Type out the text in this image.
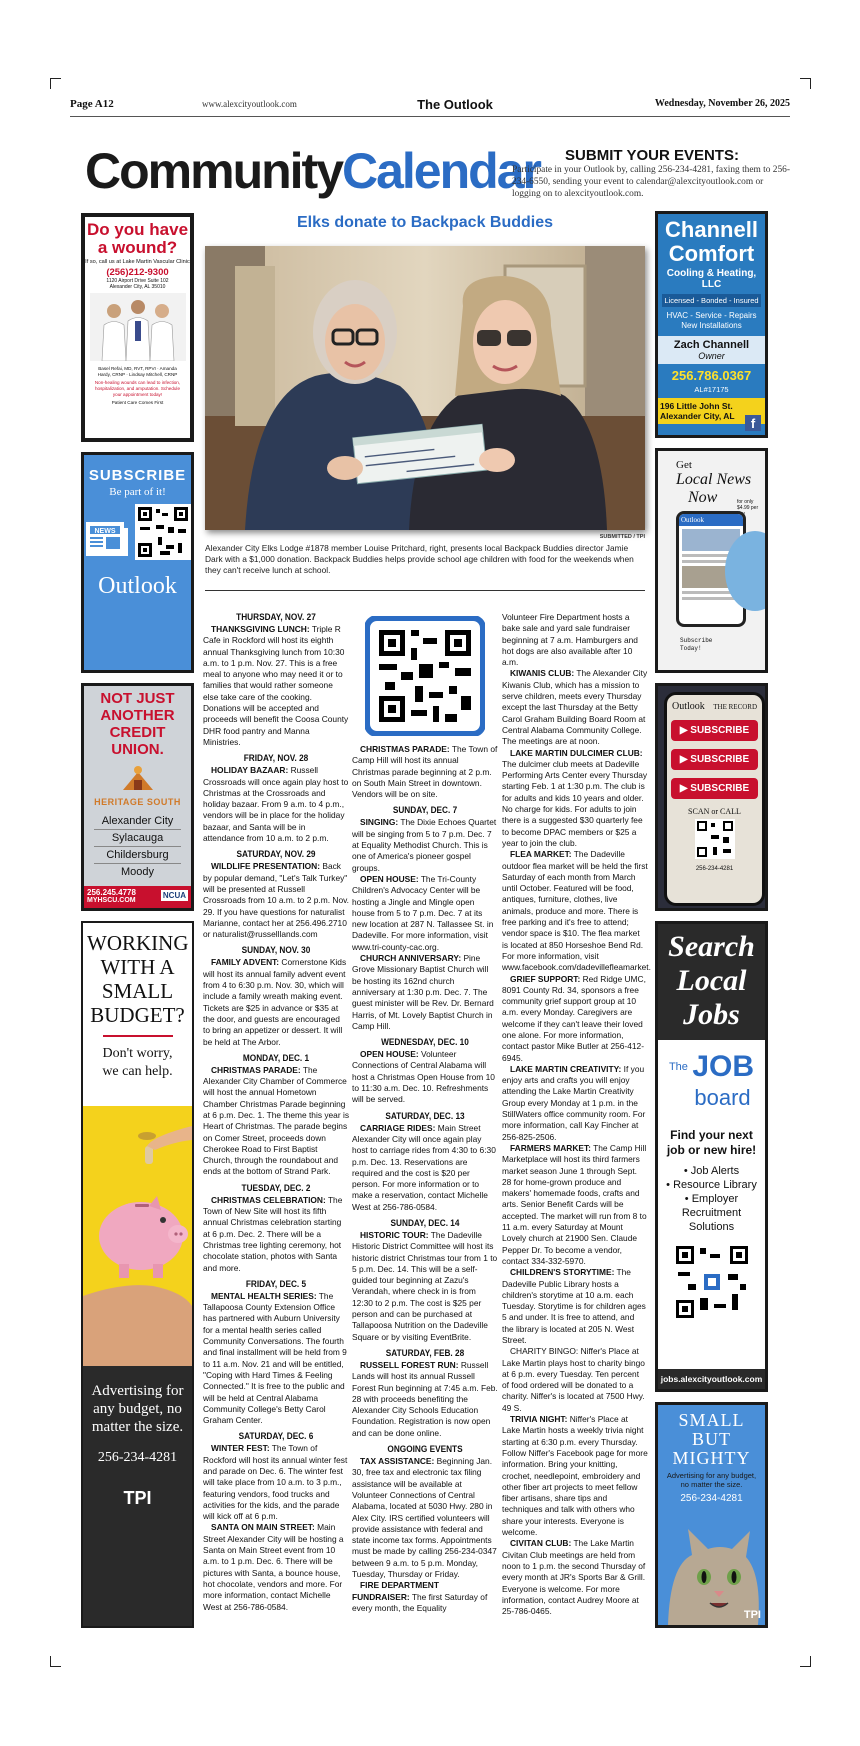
Page A12	www.alexcityoutlook.com	The Outlook	Wednesday, November 26, 2025
CommunityCalendar	SUBMIT YOUR EVENTS:
Participate in your Outlook by, calling 256-234-4281, faxing them to 256-234-6550, sending your event to calendar@alexcityoutlook.com or logging on to alexcityoutlook.com.
Do you have a wound?
If so, call us at Lake Martin Vascular Clinic
(256)212-9300
1120 Airport Drive Suite 102 Alexander City, AL 35010
Basel Refai, MD, RVT, RPVI · Amanda Hardy, CRNP · Lindsay Mitchell, CRNP
Non-healing wounds can lead to infection, hospitalization, and amputation. Schedule your appointment today!
Patient Care Comes First
SUBSCRIBE
Be part of it!
NEWS

Outlook
NOT JUST ANOTHER CREDIT UNION.
HERITAGE SOUTH
Alexander City
Sylacauga
Childersburg
Moody
256.245.4778
MYHSCU.COM
NCUA
WORKING WITH A SMALL BUDGET?
Don't worry, we can help.
Advertising for any budget, no matter the size.
256-234-4281
TPI
Channell
Comfort
Cooling & Heating, LLC
Licensed - Bonded - Insured
HVAC - Service - Repairs New Installations
Zach Channell
Owner
256.786.0367
AL#17175
196 Little John St. Alexander City, AL	f
Get
Local News
Now	for only $4.99 per
Outlook
Subscribe
Today!
Outlook THE RECORD
▶ SUBSCRIBE
▶ SUBSCRIBE
▶ SUBSCRIBE
SCAN or CALL
256-234-4281
Search
Local
Jobs
$^{The}$ JOB
board
Find your next job or new hire!
• Job Alerts
• Resource Library
• Employer Recruitment Solutions
jobs.alexcityoutlook.com
SMALL
BUT
MIGHTY
Advertising for any budget, no matter the size.
256-234-4281
TPI
Elks donate to Backpack Buddies
SUBMITTED / TPI
Alexander City Elks Lodge #1878 member Louise Pritchard, right, presents local Backpack Buddies director Jamie Dark with a $1,000 donation. Backpack Buddies helps provide school age children with food for the weekends when they can't receive lunch at school.
THURSDAY, NOV. 27

THANKSGIVING LUNCH: Triple R Cafe in Rockford will host its eighth annual Thanksgiving lunch from 10:30 a.m. to 1 p.m. Nov. 27. This is a free meal to anyone who may need it or to families that would rather someone else take care of the cooking. Donations will be accepted and proceeds will benefit the Coosa County DHR food pantry and Manna Ministries.

FRIDAY, NOV. 28

HOLIDAY BAZAAR: Russell Crossroads will once again play host to Christmas at the Crossroads and holiday bazaar. From 9 a.m. to 4 p.m., vendors will be in place for the holiday bazaar, and Santa will be in attendance from 10 a.m. to 2 p.m.

SATURDAY, NOV. 29

WILDLIFE PRESENTATION: Back by popular demand, "Let's Talk Turkey" will be presented at Russell Crossroads from 10 a.m. to 2 p.m. Nov. 29. If you have questions for naturalist Marianne, contact her at 256.496.2710 or naturalist@russelllands.com

SUNDAY, NOV. 30

FAMILY ADVENT: Cornerstone Kids will host its annual family advent event from 4 to 6:30 p.m. Nov. 30, which will include a family wreath making event. Tickets are $25 in advance or $35 at the door, and guests are encouraged to bring an appetizer or dessert. It will be held at The Arbor.

MONDAY, DEC. 1

CHRISTMAS PARADE: The Alexander City Chamber of Commerce will host the annual Hometown Chamber Christmas Parade beginning at 6 p.m. Dec. 1. The theme this year is Heart of Christmas. The parade begins on Comer Street, proceeds down Cherokee Road to First Baptist Church, through the roundabout and ends at the bottom of Strand Park.

TUESDAY, DEC. 2

CHRISTMAS CELEBRATION: The Town of New Site will host its fifth annual Christmas celebration starting at 6 p.m. Dec. 2. There will be a Christmas tree lighting ceremony, hot chocolate station, photos with Santa and more.

FRIDAY, DEC. 5

MENTAL HEALTH SERIES: The Tallapoosa County Extension Office has partnered with Auburn University for a mental health series called Community Conversations. The fourth and final installment will be held from 9 to 11 a.m. Nov. 21 and will be entitled, "Coping with Hard Times & Feeling Connected." It is free to the public and will be held at Central Alabama Community College's Betty Carol Graham Center.

SATURDAY, DEC. 6

WINTER FEST: The Town of Rockford will host its annual winter fest and parade on Dec. 6. The winter fest will take place from 10 a.m. to 3 p.m., featuring vendors, food trucks and activities for the kids, and the parade will kick off at 6 p.m.

SANTA ON MAIN STREET: Main Street Alexander City will be hosting a Santa on Main Street event from 10 a.m. to 1 p.m. Dec. 6. There will be pictures with Santa, a bounce house, hot chocolate, vendors and more. For more information, contact Michelle West at 256-786-0584.

CHRISTMAS PARADE: The Town of Camp Hill will host its annual Christmas parade beginning at 2 p.m. on South Main Street in downtown. Vendors will be on site.

SUNDAY, DEC. 7

SINGING: The Dixie Echoes Quartet will be singing from 5 to 7 p.m. Dec. 7 at Equality Methodist Church. This is one of America's pioneer gospel groups.

OPEN HOUSE: The Tri-County Children's Advocacy Center will be hosting a Jingle and Mingle open house from 5 to 7 p.m. Dec. 7 at its new location at 287 N. Tallassee St. in Dadeville. For more information, visit www.tri-county-cac.org.

CHURCH ANNIVERSARY: Pine Grove Missionary Baptist Church will be hosting its 162nd church anniversary at 1:30 p.m. Dec. 7. The guest minister will be Rev. Dr. Bernard Harris, of Mt. Lovely Baptist Church in Camp Hill.

WEDNESDAY, DEC. 10

OPEN HOUSE: Volunteer Connections of Central Alabama will host a Christmas Open House from 10 to 11:30 a.m. Dec. 10. Refreshments will be served.

SATURDAY, DEC. 13

CARRIAGE RIDES: Main Street Alexander City will once again play host to carriage rides from 4:30 to 6:30 p.m. Dec. 13. Reservations are required and the cost is $20 per person. For more information or to make a reservation, contact Michelle West at 256-786-0584.

SUNDAY, DEC. 14

HISTORIC TOUR: The Dadeville Historic District Committee will host its historic district Christmas tour from 1 to 5 p.m. Dec. 14. This will be a self-guided tour beginning at Zazu's Verandah, where check in is from 12:30 to 2 p.m. The cost is $25 per person and can be purchased at Tallapoosa Nutrition on the Dadeville Square or by visiting EventBrite.

SATURDAY, FEB. 28

RUSSELL FOREST RUN: Russell Lands will host its annual Russell Forest Run beginning at 7:45 a.m. Feb. 28 with proceeds benefiting the Alexander City Schools Education Foundation. Registration is now open and can be done online.

ONGOING EVENTS

TAX ASSISTANCE: Beginning Jan. 30, free tax and electronic tax filing assistance will be available at Volunteer Connections of Central Alabama, located at 5030 Hwy. 280 in Alex City. IRS certified volunteers will provide assistance with federal and state income tax forms. Appointments must be made by calling 256-234-0347 between 9 a.m. to 5 p.m. Monday, Tuesday, Thursday or Friday.

FIRE DEPARTMENT FUNDRAISER: The first Saturday of every month, the Equality

Volunteer Fire Department hosts a bake sale and yard sale fundraiser beginning at 7 a.m. Hamburgers and hot dogs are also available after 10 a.m.

KIWANIS CLUB: The Alexander City Kiwanis Club, which has a mission to serve children, meets every Thursday except the last Thursday at the Betty Carol Graham Building Board Room at Central Alabama Community College. The meetings are at noon.

LAKE MARTIN DULCIMER CLUB: The dulcimer club meets at Dadeville Performing Arts Center every Thursday starting Feb. 1 at 1:30 p.m. The club is for adults and kids 10 years and older. No charge for kids. For adults to join there is a suggested $30 quarterly fee to become DPAC members or $25 a year to join the club.

FLEA MARKET: The Dadeville outdoor flea market will be held the first Saturday of each month from March until October. Featured will be food, antiques, furniture, clothes, live animals, produce and more. There is free parking and it's free to attend; vendor space is $10. The flea market is located at 850 Horseshoe Bend Rd. For more information, visit www.facebook.com/dadevillefleamarket.

GRIEF SUPPORT: Red Ridge UMC, 8091 County Rd. 34, sponsors a free community grief support group at 10 a.m. every Monday. Caregivers are welcome if they can't leave their loved one alone. For more information, contact pastor Mike Butler at 256-412-6945.

LAKE MARTIN CREATIVITY: If you enjoy arts and crafts you will enjoy attending the Lake Martin Creativity Group every Monday at 1 p.m. in the StillWaters office community room. For more information, call Kay Fincher at 256-825-2506.

FARMERS MARKET: The Camp Hill Marketplace will host its third farmers market season June 1 through Sept. 28 for home-grown produce and makers' homemade foods, crafts and arts. Senior Benefit Cards will be accepted. The market will run from 8 to 11 a.m. every Saturday at Mount Lovely church at 21900 Sen. Claude Pepper Dr. To become a vendor, contact 334-332-5970.

CHILDREN'S STORYTIME: The Dadeville Public Library hosts a children's storytime at 10 a.m. each Tuesday. Storytime is for children ages 5 and under. It is free to attend, and the library is located at 205 N. West Street.

CHARITY BINGO: Niffer's Place at Lake Martin plays host to charity bingo at 6 p.m. every Tuesday. Ten percent of food ordered will be donated to a charity. Niffer's is located at 7500 Hwy. 49 S.

TRIVIA NIGHT: Niffer's Place at Lake Martin hosts a weekly trivia night starting at 6:30 p.m. every Thursday. Follow Niffer's Facebook page for more information. Bring your knitting, crochet, needlepoint, embroidery and other fiber art projects to meet fellow fiber artisans, share tips and techniques and talk with others who share your interests. Everyone is welcome.

CIVITAN CLUB: The Lake Martin Civitan Club meetings are held from noon to 1 p.m. the second Thursday of every month at JR's Sports Bar & Grill. Everyone is welcome. For more information, contact Audrey Moore at 25-786-0465.
